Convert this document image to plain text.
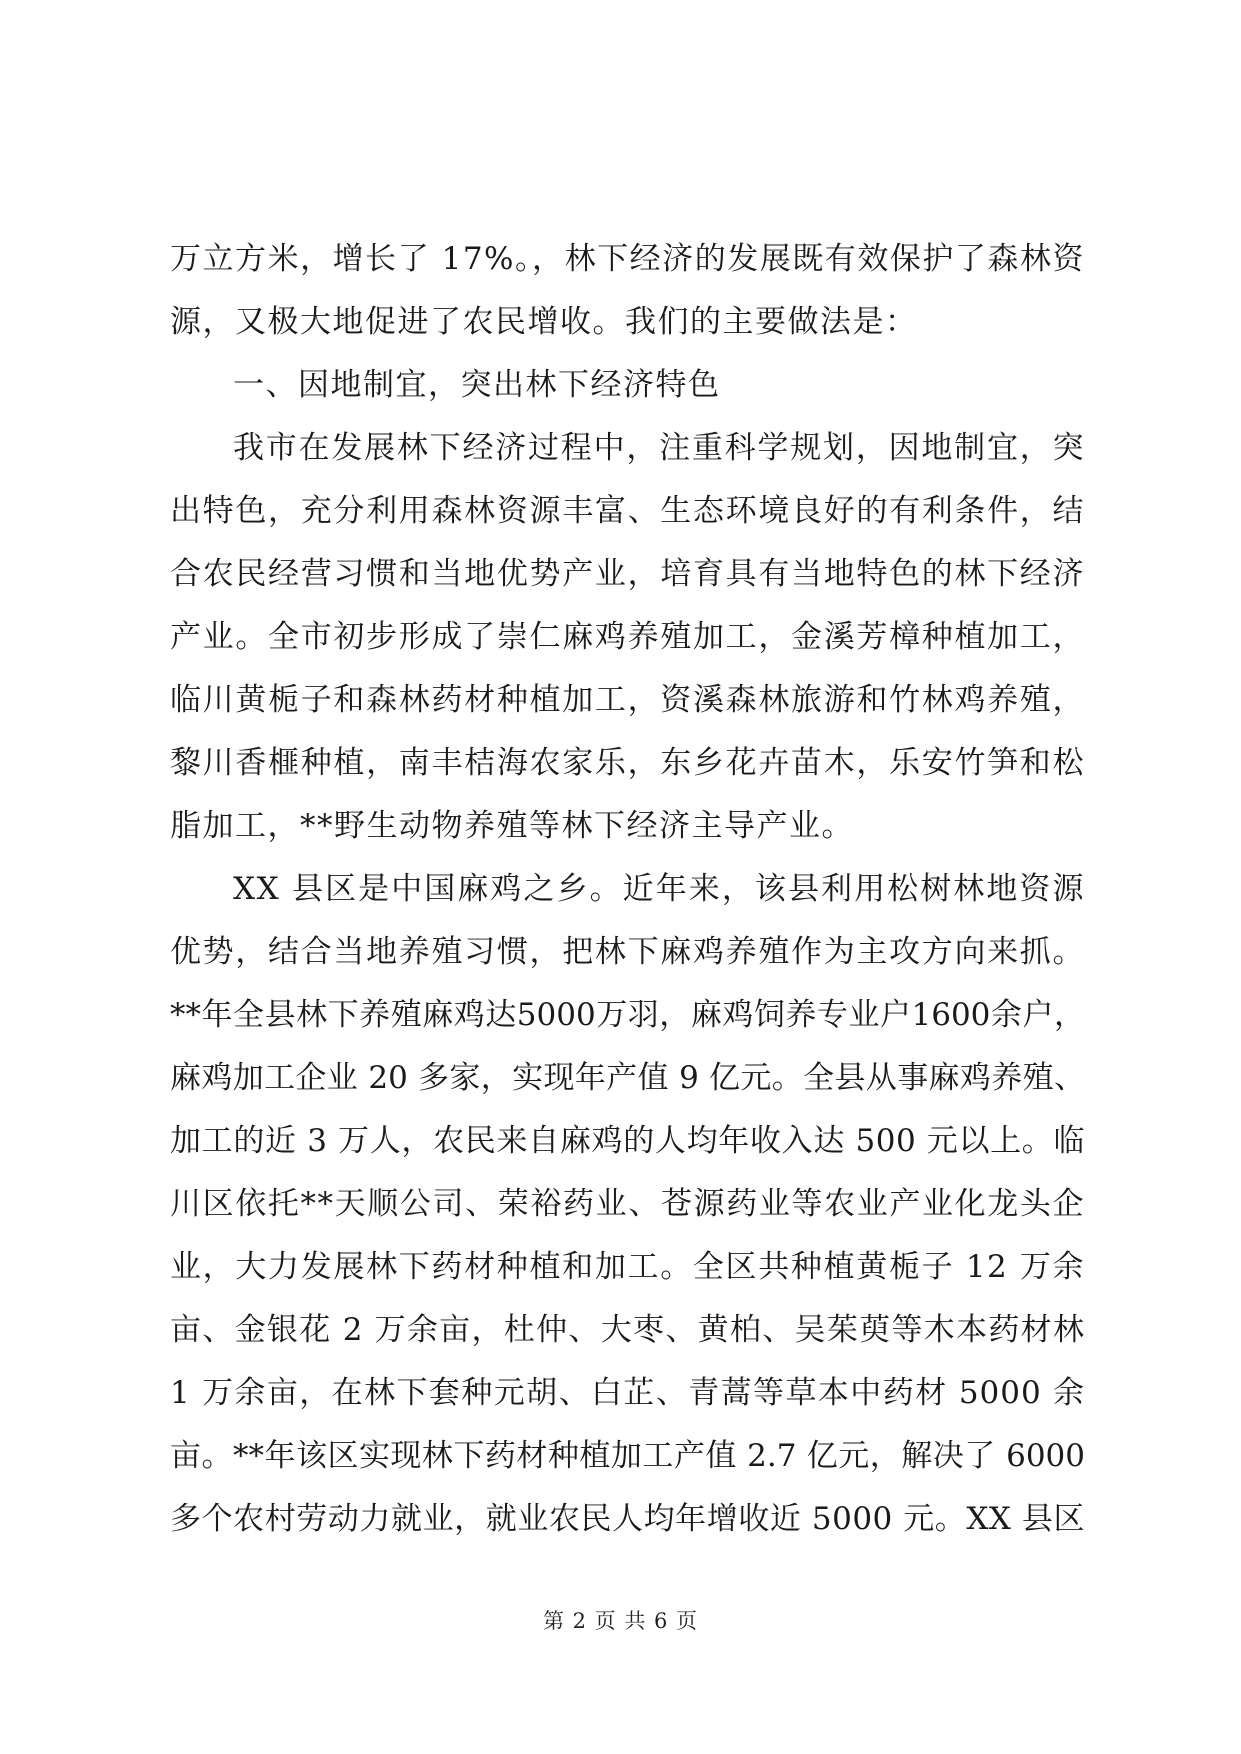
万立方米，增长了 17%。，林下经济的发展既有效保护了森林资
源，又极大地促进了农民增收。我们的主要做法是：
一、因地制宜，突出林下经济特色
我市在发展林下经济过程中，注重科学规划，因地制宜，突
出特色，充分利用森林资源丰富、生态环境良好的有利条件，结
合农民经营习惯和当地优势产业，培育具有当地特色的林下经济
产业。全市初步形成了崇仁麻鸡养殖加工，金溪芳樟种植加工，
临川黄栀子和森林药材种植加工，资溪森林旅游和竹林鸡养殖，
黎川香榧种植，南丰桔海农家乐，东乡花卉苗木，乐安竹笋和松
脂加工，**野生动物养殖等林下经济主导产业。
XX 县区是中国麻鸡之乡。近年来，该县利用松树林地资源
优势，结合当地养殖习惯，把林下麻鸡养殖作为主攻方向来抓。
**年全县林下养殖麻鸡达5000万羽，麻鸡饲养专业户1600余户，
麻鸡加工企业 20 多家，实现年产值 9 亿元。全县从事麻鸡养殖、
加工的近 3 万人，农民来自麻鸡的人均年收入达 500 元以上。临
川区依托**天顺公司、荣裕药业、苍源药业等农业产业化龙头企
业，大力发展林下药材种植和加工。全区共种植黄栀子 12 万余
亩、金银花 2 万余亩，杜仲、大枣、黄柏、吴茱萸等木本药材林
1 万余亩，在林下套种元胡、白芷、青蒿等草本中药材 5000 余
亩。**年该区实现林下药材种植加工产值 2.7 亿元，解决了 6000
多个农村劳动力就业，就业农民人均年增收近 5000 元。XX 县区
第 2 页 共 6 页
